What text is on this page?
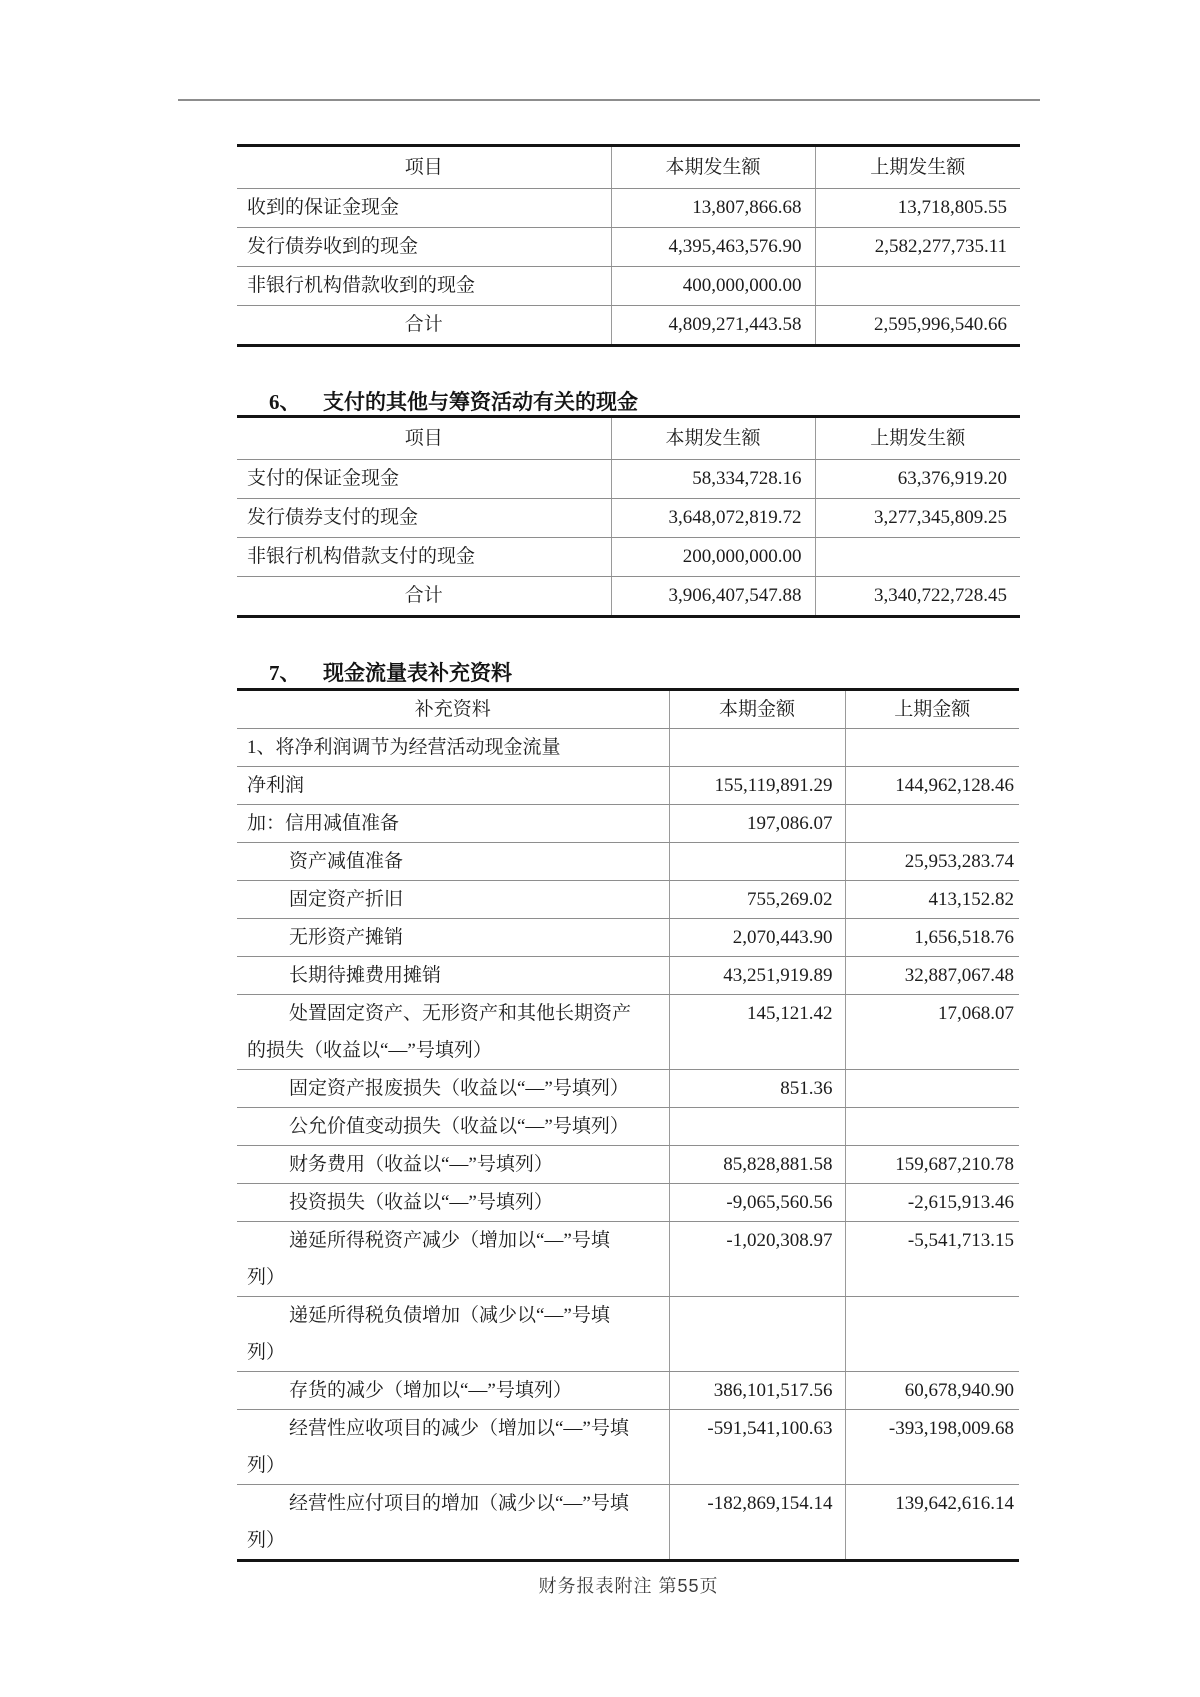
项目	本期发生额	上期发生额

收到的保证金现金	13,807,866.68	13,718,805.55

发行债券收到的现金	4,395,463,576.90	2,582,277,735.11

非银行机构借款收到的现金	400,000,000.00	

合计	4,809,271,443.58	2,595,996,540.66
6、 支付的其他与筹资活动有关的现金
项目	本期发生额	上期发生额

支付的保证金现金	58,334,728.16	63,376,919.20

发行债券支付的现金	3,648,072,819.72	3,277,345,809.25

非银行机构借款支付的现金	200,000,000.00	

合计	3,906,407,547.88	3,340,722,728.45
7、 现金流量表补充资料
补充资料	本期金额	上期金额

1、将净利润调节为经营活动现金流量		

净利润	155,119,891.29	144,962,128.46

加：信用减值准备	197,086.07	

资产减值准备		25,953,283.74

固定资产折旧	755,269.02	413,152.82

无形资产摊销	2,070,443.90	1,656,518.76

长期待摊费用摊销	43,251,919.89	32,887,067.48

处置固定资产、无形资产和其他长期资产
的损失（收益以“—”号填列）	145,121.42	17,068.07

固定资产报废损失（收益以“—”号填列）	851.36	

公允价值变动损失（收益以“—”号填列）		

财务费用（收益以“—”号填列）	85,828,881.58	159,687,210.78

投资损失（收益以“—”号填列）	-9,065,560.56	-2,615,913.46

递延所得税资产减少（增加以“—”号填
列）	-1,020,308.97	-5,541,713.15

递延所得税负债增加（减少以“—”号填
列）		

存货的减少（增加以“—”号填列）	386,101,517.56	60,678,940.90

经营性应收项目的减少（增加以“—”号填
列）	-591,541,100.63	-393,198,009.68

经营性应付项目的增加（减少以“—”号填
列）	-182,869,154.14	139,642,616.14
财务报表附注 第55页
